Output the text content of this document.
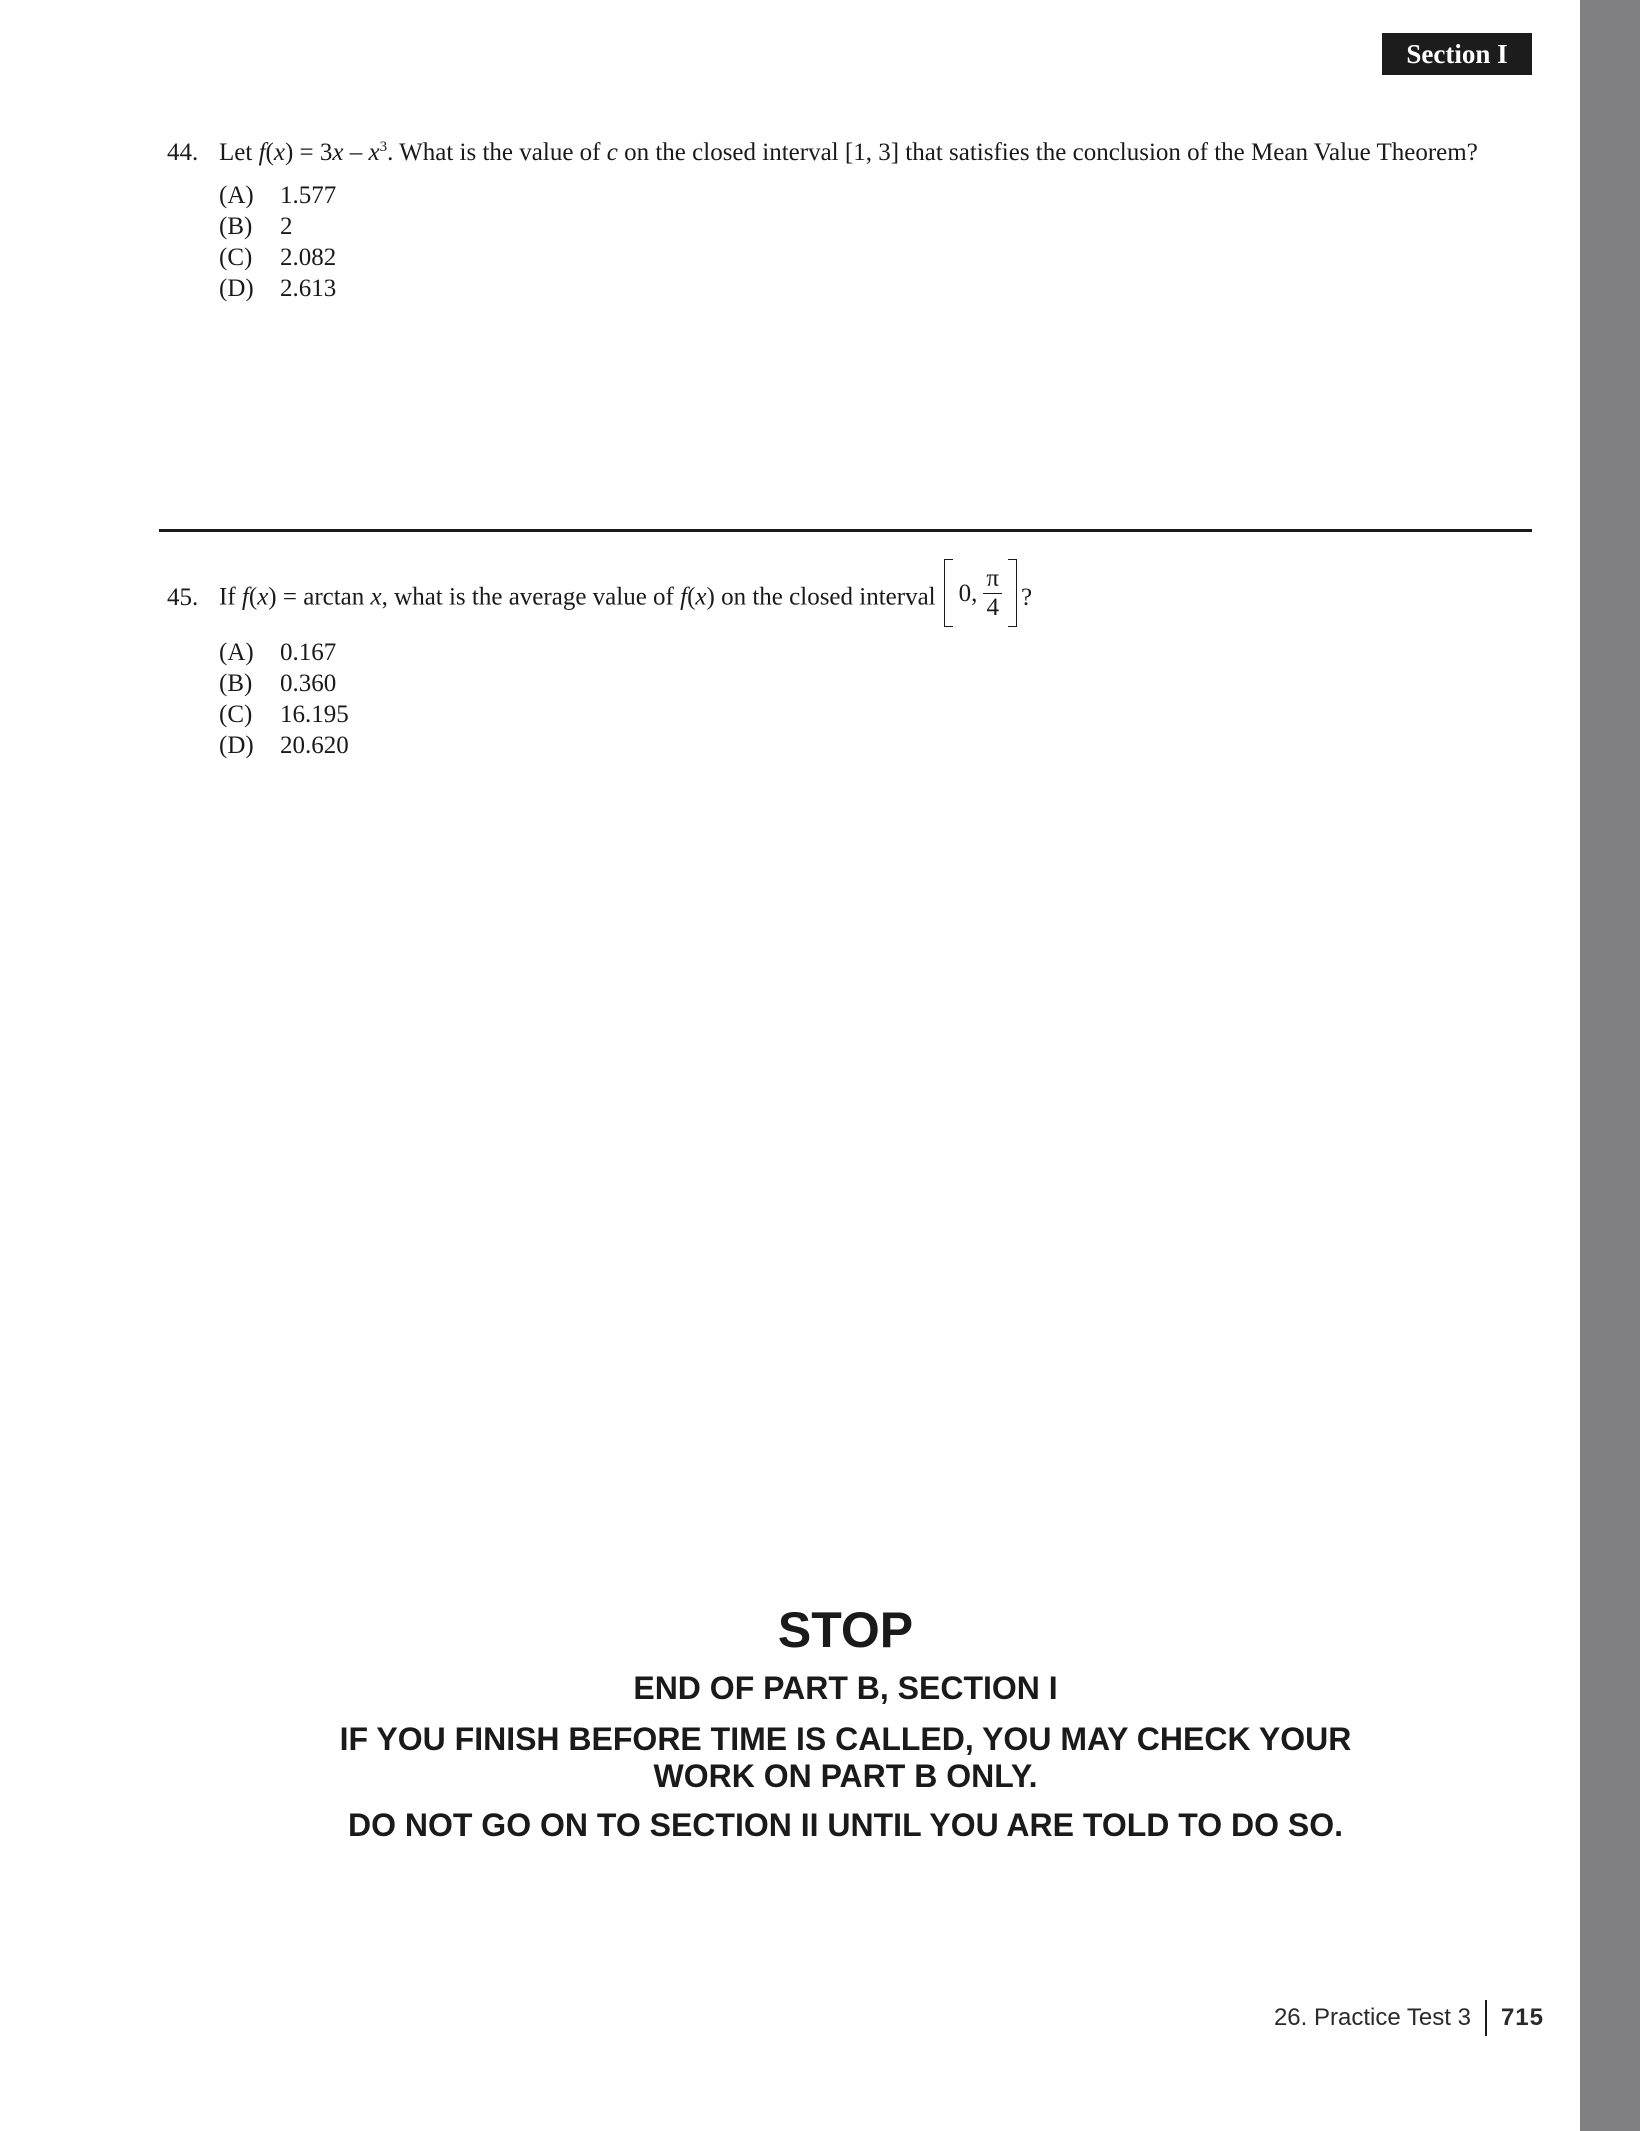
Section I
44. Let $f(x) = 3x - x^3$. What is the value of c on the closed interval [1, 3] that satisfies the conclusion of the Mean Value Theorem?
(A) 1.577
(B) 2
(C) 2.082
(D) 2.613
45. If f(x) = arctan x, what is the average value of f(x) on the closed interval 0, $\frac{\pi}{4}$ ?
(A) 0.167
(B) 0.360
(C) 16.195
(D) 20.620
STOP
END OF PART B, SECTION I
IF YOU FINISH BEFORE TIME IS CALLED, YOU MAY CHECK YOUR WORK ON PART B ONLY.
DO NOT GO ON TO SECTION II UNTIL YOU ARE TOLD TO DO SO.
26. Practice Test 3 715
